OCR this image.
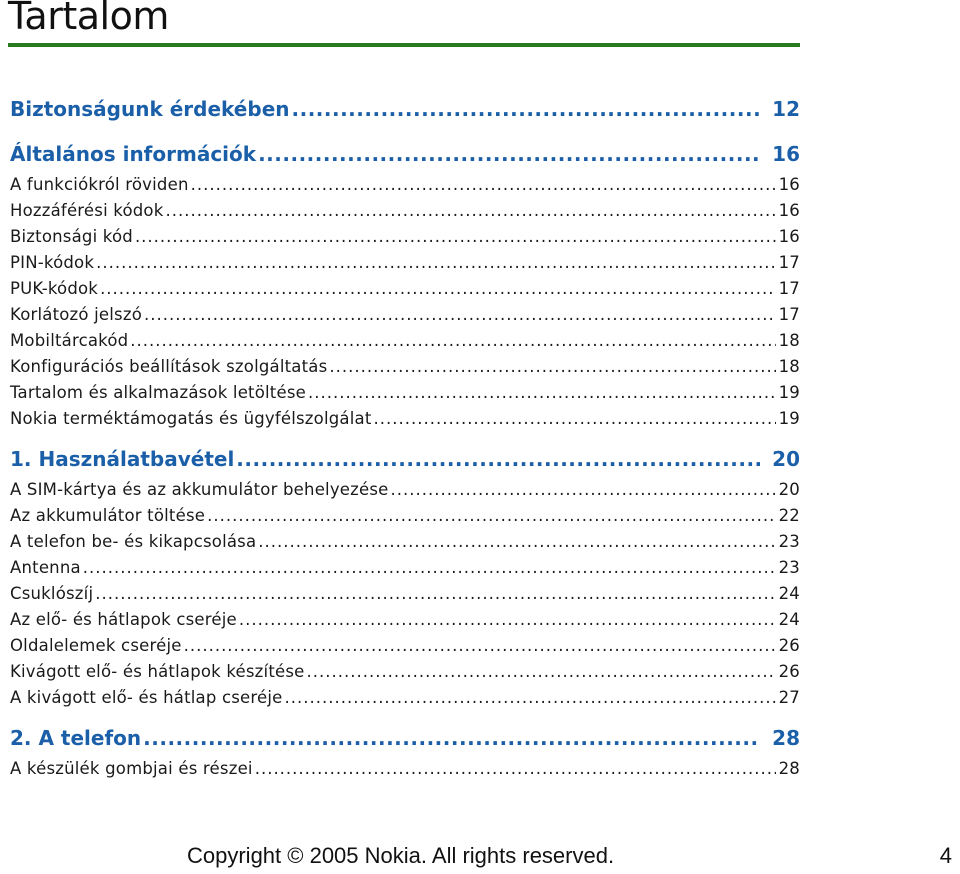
Tartalom
Biztonságunk érdekében .....	12
Általános információk .....	16
A funkciókról röviden .....	16
Hozzáférési kódok .....	16
Biztonsági kód .....	16
PIN-kódok .....	17
PUK-kódok .....	17
Korlátozó jelszó .....	17
Mobiltárcakód .....	18
Konfigurációs beállítások szolgáltatás .....	18
Tartalom és alkalmazások letöltése .....	19
Nokia terméktámogatás és ügyfélszolgálat .....	19
1. Használatbavétel .....	20
A SIM-kártya és az akkumulátor behelyezése .....	20
Az akkumulátor töltése .....	22
A telefon be- és kikapcsolása .....	23
Antenna .....	23
Csuklószíj .....	24
Az elő- és hátlapok cseréje .....	24
Oldalelemek cseréje .....	26
Kivágott elő- és hátlapok készítése .....	26
A kivágott elő- és hátlap cseréje .....	27
2. A telefon .....	28
A készülék gombjai és részei .....	28
Copyright © 2005 Nokia. All rights reserved.	4
